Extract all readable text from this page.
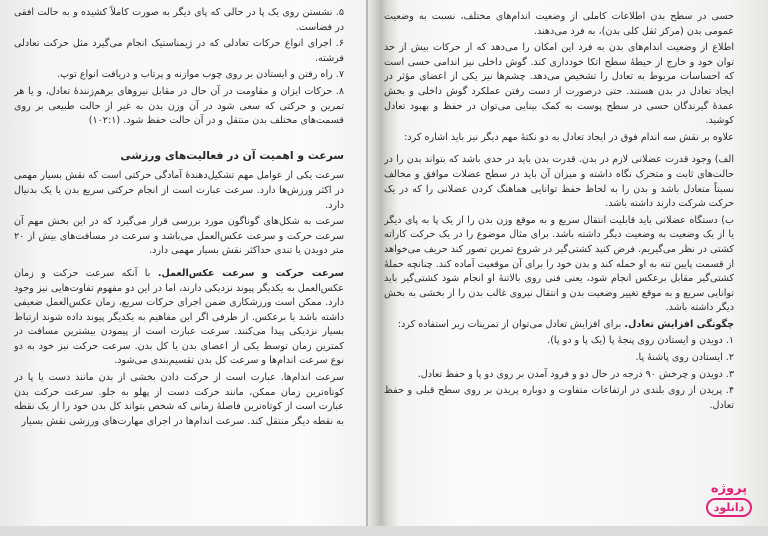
۵. نشستن روی یک پا در حالی که پای دیگر به صورت کاملاً کشیده و به حالت افقی در فضاست.

۶. اجرای انواع حرکات تعادلی که در ژیمناستیک انجام می‌گیرد مثل حرکت تعادلی فرشته.

۷. راه رفتن و ایستادن بر روی چوب موازنه و پرتاب و دریافت انواع توپ.

۸. حرکات ایزان و مقاومت در آن حال در مقابل نیروهای برهم‌زنندهٔ تعادل، و یا هر تمرین و حرکتی که سعی شود در آن وزن بدن به غیر از حالت طبیعی بر روی قسمت‌های مختلف بدن منتقل و در آن حالت حفظ شود. (۱۰۲:۱)

سرعت و اهمیت آن در فعالیت‌های ورزشی

سرعت یکی از عوامل مهم تشکیل‌دهندهٔ آمادگی حرکتی است که نقش بسیار مهمی در اکثر ورزش‌ها دارد. سرعت عبارت است از انجام حرکتی سریع بدن یا یک بدنیال دارد.

سرعت به شکل‌های گوناگون مورد بررسی قرار می‌گیرد که در این بخش مهم آن سرعت حرکت و سرعت عکس‌العمل می‌باشد و سرعت در مسافت‌های بیش از ۲۰ متر دویدن یا تندی حداکثر نقش بسیار مهمی دارد.

سرعت حرکت و سرعت عکس‌العمل. با آنکه سرعت حرکت و زمان عکس‌العمل به یکدیگر پیوند نزدیکی دارند، اما در این دو مفهوم تفاوت‌هایی نیز وجود دارد. ممکن است ورزشکاری ضمن اجرای حرکات سریع، زمان عکس‌العمل ضعیفی داشته باشد یا برعکس. از طرفی اگر این مفاهیم به یکدیگر پیوند داده شوند ارتباط بسیار نزدیکی پیدا می‌کنند. سرعت عبارت است از پیمودن بیشترین مسافت در کمترین زمان توسط یکی از اعضای بدن یا کل بدن. سرعت حرکت نیز خود به دو نوع سرعت اندام‌ها و سرعت کل بدن تقسیم‌بندی می‌شود.

سرعت اندام‌ها. عبارت است از حرکت دادن بخشی از بدن مانند دست یا پا در کوتاه‌ترین زمان ممکن، مانند حرکت دست از پهلو به جلو. سرعت حرکت بدن عبارت است از کوتاه‌ترین فاصلهٔ زمانی که شخص بتواند کل بدن خود را از یک نقطه به نقطه دیگر منتقل کند. سرعت اندام‌ها در اجرای مهارت‌های ورزشی نقش بسیار

حسی در سطح بدن اطلاعات کاملی از وضعیت اندام‌های مختلف، نسبت به وضعیت عمومی بدن (مرکز ثقل کلی بدن)، به فرد می‌دهند.

اطلاع از وضعیت اندام‌های بدن به فرد این امکان را می‌دهد که از حرکات بیش از حد توان خود و خارج از حیطهٔ سطح اتکا خودداری کند. گوش داخلی نیز اندامی حسی است که احساسات مربوط به تعادل را تشخیص می‌دهد. چشم‌ها نیز یکی از اعضای مؤثر در ایجاد تعادل در بدن هستند. حتی درصورت از دست رفتن عملکرد گوش داخلی و بخش عمدهٔ گیرندگان حسی در سطح پوست به کمک بینایی می‌توان در حفظ و بهبود تعادل کوشید.

علاوه بر نقش سه اندام فوق در ایجاد تعادل به دو نکتهٔ مهم دیگر نیز باید اشاره کرد:

الف) وجود قدرت عضلانی لازم در بدن. قدرت بدن باید در حدی باشد که بتواند بدن را در حالت‌های ثابت و متحرک نگاه داشته و میزان آن باید در سطح عضلات موافق و مخالف نسبتاً متعادل باشد و بدن را به لحاظ حفظ توانایی هماهنگ کردن عضلانی را که در یک حرکت شرکت دارند داشته باشد.

ب) دستگاه عضلانی باید قابلیت انتقال سریع و به موقع وزن بدن را از یک پا به پای دیگر یا از یک وضعیت به وضعیت دیگر داشته باشد. برای مثال موضوع را در یک حرکت کاراته کشتی در نظر می‌گیریم. فرض کنید کشتی‌گیر در شروع تمرین تصور کند حریف می‌خواهد از قسمت پایین تنه به او حمله کند و بدن خود را برای آن موقعیت آماده کند. چنانچه حملهٔ کشتی‌گیر مقابل برعکس انجام شود، یعنی فنی روی بالاتنهٔ او انجام شود کشتی‌گیر باید توانایی سریع و به موقع تغییر وضعیت بدن و انتقال نیروی غالب بدن را از بخشی به بخش دیگر داشته باشد.

چگونگی افزایش تعادل. برای افزایش تعادل می‌توان از تمرینات زیر استفاده کرد:

۱. دویدن و ایستادن روی پنجهٔ پا (یک پا و دو پا).

۲. ایستادن روی پاشنهٔ پا.

۳. دویدن و چرخش ۹۰ درجه در حال دو و فرود آمدن بر روی دو پا و حفظ تعادل.

۴. پریدن از روی بلندی در ارتفاعات متفاوت و دوباره پریدن بر روی سطح قبلی و حفظ تعادل.

پروژه
دانلود
